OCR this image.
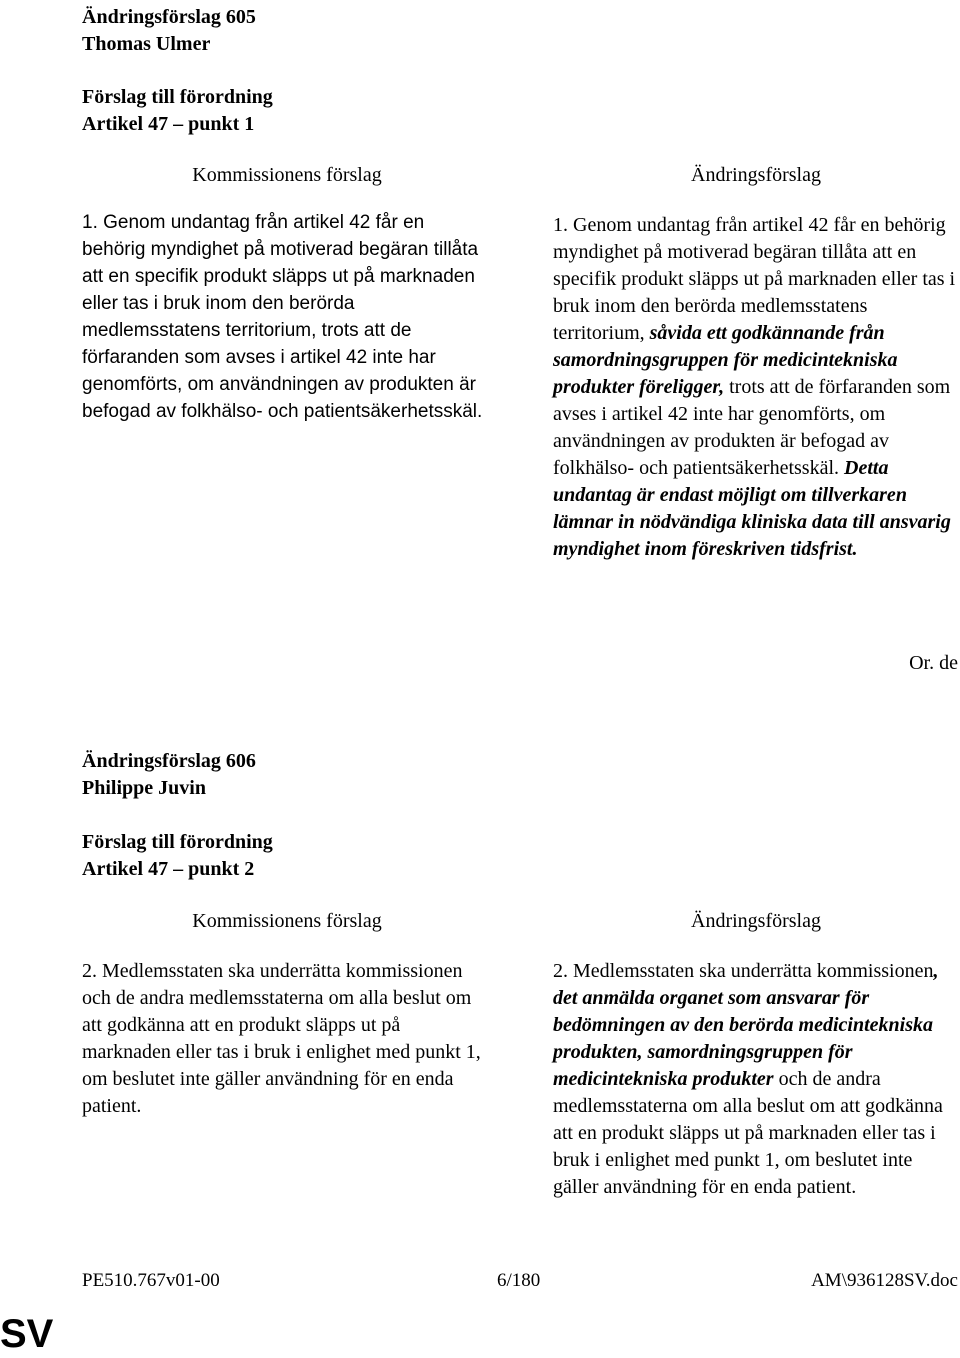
Ändringsförslag 605
Thomas Ulmer
Förslag till förordning
Artikel 47 – punkt 1
Kommissionens förslag	Ändringsförslag

1. Genom undantag från artikel 42 får en behörig myndighet på motiverad begäran tillåta att en specifik produkt släpps ut på marknaden eller tas i bruk inom den berörda medlemsstatens territorium, trots att de förfaranden som avses i artikel 42 inte har genomförts, om användningen av produkten är befogad av folkhälso- och patientsäkerhetsskäl.

1. Genom undantag från artikel 42 får en behörig myndighet på motiverad begäran tillåta att en specifik produkt släpps ut på marknaden eller tas i bruk inom den berörda medlemsstatens territorium, såvida ett godkännande från samordningsgruppen för medicintekniska produkter föreligger, trots att de förfaranden som avses i artikel 42 inte har genomförts, om användningen av produkten är befogad av folkhälso- och patientsäkerhetsskäl. Detta undantag är endast möjligt om tillverkaren lämnar in nödvändiga kliniska data till ansvarig myndighet inom föreskriven tidsfrist.

Or. de
Ändringsförslag 606
Philippe Juvin
Förslag till förordning
Artikel 47 – punkt 2
Kommissionens förslag	Ändringsförslag

2. Medlemsstaten ska underrätta kommissionen och de andra medlemsstaterna om alla beslut om att godkänna att en produkt släpps ut på marknaden eller tas i bruk i enlighet med punkt 1, om beslutet inte gäller användning för en enda patient.

2. Medlemsstaten ska underrätta kommissionen, det anmälda organet som ansvarar för bedömningen av den berörda medicintekniska produkten, samordningsgruppen för medicintekniska produkter och de andra medlemsstaterna om alla beslut om att godkänna att en produkt släpps ut på marknaden eller tas i bruk i enlighet med punkt 1, om beslutet inte gäller användning för en enda patient.

PE510.767v01-00	6/180	AM\936128SV.doc
SV
